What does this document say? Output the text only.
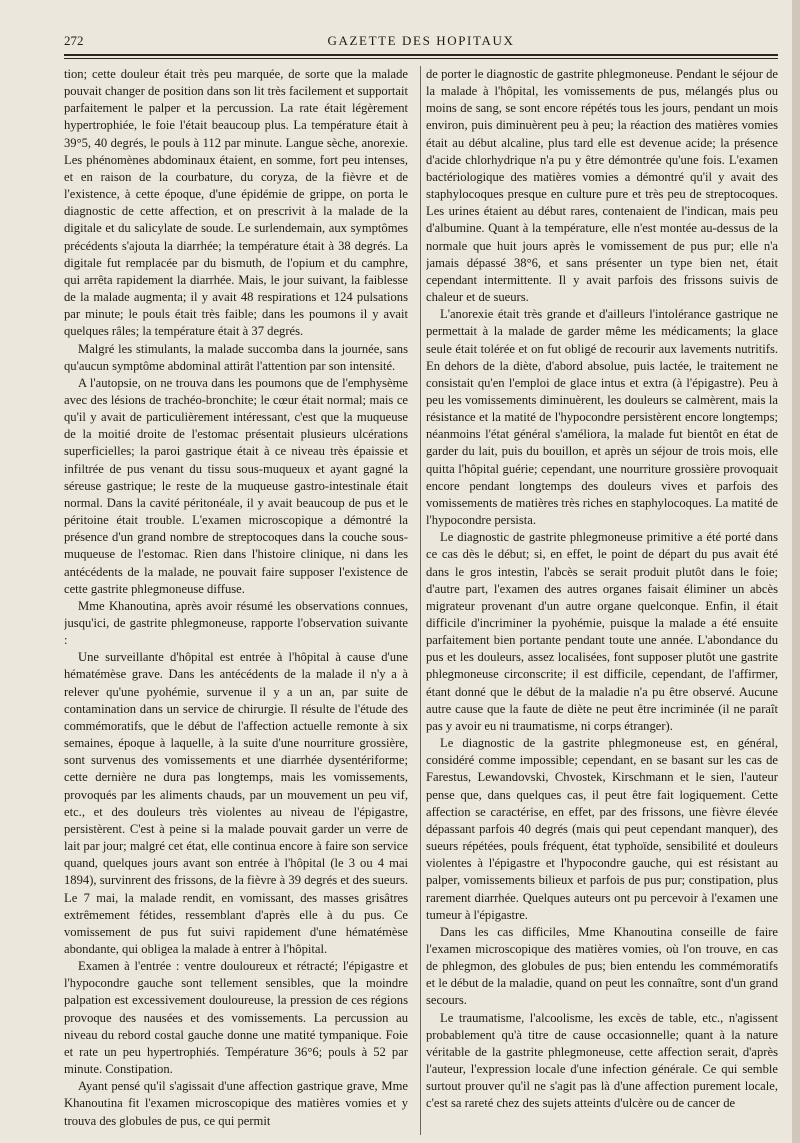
272	GAZETTE DES HOPITAUX

tion; cette douleur était très peu marquée, de sorte que la malade pouvait changer de position dans son lit très facilement et supportait parfaitement le palper et la percussion. La rate était légèrement hypertrophiée, le foie l'était beaucoup plus. La température était à 39°5, 40 degrés, le pouls à 112 par minute. Langue sèche, anorexie. Les phénomènes abdominaux étaient, en somme, fort peu intenses, et en raison de la courbature, du coryza, de la fièvre et de l'existence, à cette époque, d'une épidémie de grippe, on porta le diagnostic de cette affection, et on prescrivit à la malade de la digitale et du salicylate de soude. Le surlendemain, aux symptômes précédents s'ajouta la diarrhée; la température était à 38 degrés. La digitale fut remplacée par du bismuth, de l'opium et du camphre, qui arrêta rapidement la diarrhée. Mais, le jour suivant, la faiblesse de la malade augmenta; il y avait 48 respirations et 124 pulsations par minute; le pouls était très faible; dans les poumons il y avait quelques râles; la température était à 37 degrés.

Malgré les stimulants, la malade succomba dans la journée, sans qu'aucun symptôme abdominal attirât l'attention par son intensité.

A l'autopsie, on ne trouva dans les poumons que de l'emphysème avec des lésions de trachéo-bronchite; le cœur était normal; mais ce qu'il y avait de particulièrement intéressant, c'est que la muqueuse de la moitié droite de l'estomac présentait plusieurs ulcérations superficielles; la paroi gastrique était à ce niveau très épaissie et infiltrée de pus venant du tissu sous-muqueux et ayant gagné la séreuse gastrique; le reste de la muqueuse gastro-intestinale était normal. Dans la cavité péritonéale, il y avait beaucoup de pus et le péritoine était trouble. L'examen microscopique a démontré la présence d'un grand nombre de streptocoques dans la couche sous-muqueuse de l'estomac. Rien dans l'histoire clinique, ni dans les antécédents de la malade, ne pouvait faire supposer l'existence de cette gastrite phlegmoneuse diffuse.

Mme Khanoutina, après avoir résumé les observations connues, jusqu'ici, de gastrite phlegmoneuse, rapporte l'observation suivante :

Une surveillante d'hôpital est entrée à l'hôpital à cause d'une hématémèse grave. Dans les antécédents de la malade il n'y a à relever qu'une pyohémie, survenue il y a un an, par suite de contamination dans un service de chirurgie. Il résulte de l'étude des commémoratifs, que le début de l'affection actuelle remonte à six semaines, époque à laquelle, à la suite d'une nourriture grossière, sont survenus des vomissements et une diarrhée dysentériforme; cette dernière ne dura pas longtemps, mais les vomissements, provoqués par les aliments chauds, par un mouvement un peu vif, etc., et des douleurs très violentes au niveau de l'épigastre, persistèrent. C'est à peine si la malade pouvait garder un verre de lait par jour; malgré cet état, elle continua encore à faire son service quand, quelques jours avant son entrée à l'hôpital (le 3 ou 4 mai 1894), survinrent des frissons, de la fièvre à 39 degrés et des sueurs. Le 7 mai, la malade rendit, en vomissant, des masses grisâtres extrêmement fétides, ressemblant d'après elle à du pus. Ce vomissement de pus fut suivi rapidement d'une hématémèse abondante, qui obligea la malade à entrer à l'hôpital.

Examen à l'entrée : ventre douloureux et rétracté; l'épigastre et l'hypocondre gauche sont tellement sensibles, que la moindre palpation est excessivement douloureuse, la pression de ces régions provoque des nausées et des vomissements. La percussion au niveau du rebord costal gauche donne une matité tympanique. Foie et rate un peu hypertrophiés. Température 36°6; pouls à 52 par minute. Constipation.

Ayant pensé qu'il s'agissait d'une affection gastrique grave, Mme Khanoutina fit l'examen microscopique des matières vomies et y trouva des globules de pus, ce qui permit

de porter le diagnostic de gastrite phlegmoneuse. Pendant le séjour de la malade à l'hôpital, les vomissements de pus, mélangés plus ou moins de sang, se sont encore répétés tous les jours, pendant un mois environ, puis diminuèrent peu à peu; la réaction des matières vomies était au début alcaline, plus tard elle est devenue acide; la présence d'acide chlorhydrique n'a pu y être démontrée qu'une fois. L'examen bactériologique des matières vomies a démontré qu'il y avait des staphylocoques presque en culture pure et très peu de streptocoques. Les urines étaient au début rares, contenaient de l'indican, mais peu d'albumine. Quant à la température, elle n'est montée au-dessus de la normale que huit jours après le vomissement de pus pur; elle n'a jamais dépassé 38°6, et sans présenter un type bien net, était cependant intermittente. Il y avait parfois des frissons suivis de chaleur et de sueurs.

L'anorexie était très grande et d'ailleurs l'intolérance gastrique ne permettait à la malade de garder même les médicaments; la glace seule était tolérée et on fut obligé de recourir aux lavements nutritifs. En dehors de la diète, d'abord absolue, puis lactée, le traitement ne consistait qu'en l'emploi de glace intus et extra (à l'épigastre). Peu à peu les vomissements diminuèrent, les douleurs se calmèrent, mais la résistance et la matité de l'hypocondre persistèrent encore longtemps; néanmoins l'état général s'améliora, la malade fut bientôt en état de garder du lait, puis du bouillon, et après un séjour de trois mois, elle quitta l'hôpital guérie; cependant, une nourriture grossière provoquait encore pendant longtemps des douleurs vives et parfois des vomissements de matières très riches en staphylocoques. La matité de l'hypocondre persista.

Le diagnostic de gastrite phlegmoneuse primitive a été porté dans ce cas dès le début; si, en effet, le point de départ du pus avait été dans le gros intestin, l'abcès se serait produit plutôt dans le foie; d'autre part, l'examen des autres organes faisait éliminer un abcès migrateur provenant d'un autre organe quelconque. Enfin, il était difficile d'incriminer la pyohémie, puisque la malade a été ensuite parfaitement bien portante pendant toute une année. L'abondance du pus et les douleurs, assez localisées, font supposer plutôt une gastrite phlegmoneuse circonscrite; il est difficile, cependant, de l'affirmer, étant donné que le début de la maladie n'a pu être observé. Aucune autre cause que la faute de diète ne peut être incriminée (il ne paraît pas y avoir eu ni traumatisme, ni corps étranger).

Le diagnostic de la gastrite phlegmoneuse est, en général, considéré comme impossible; cependant, en se basant sur les cas de Farestus, Lewandovski, Chvostek, Kirschmann et le sien, l'auteur pense que, dans quelques cas, il peut être fait logiquement. Cette affection se caractérise, en effet, par des frissons, une fièvre élevée dépassant parfois 40 degrés (mais qui peut cependant manquer), des sueurs répétées, pouls fréquent, état typhoïde, sensibilité et douleurs violentes à l'épigastre et l'hypocondre gauche, qui est résistant au palper, vomissements bilieux et parfois de pus pur; constipation, plus rarement diarrhée. Quelques auteurs ont pu percevoir à l'examen une tumeur à l'épigastre.

Dans les cas difficiles, Mme Khanoutina conseille de faire l'examen microscopique des matières vomies, où l'on trouve, en cas de phlegmon, des globules de pus; bien entendu les commémoratifs et le début de la maladie, quand on peut les connaître, sont d'un grand secours.

Le traumatisme, l'alcoolisme, les excès de table, etc., n'agissent probablement qu'à titre de cause occasionnelle; quant à la nature véritable de la gastrite phlegmoneuse, cette affection serait, d'après l'auteur, l'expression locale d'une infection générale. Ce qui semble surtout prouver qu'il ne s'agit pas là d'une affection purement locale, c'est sa rareté chez des sujets atteints d'ulcère ou de cancer de
